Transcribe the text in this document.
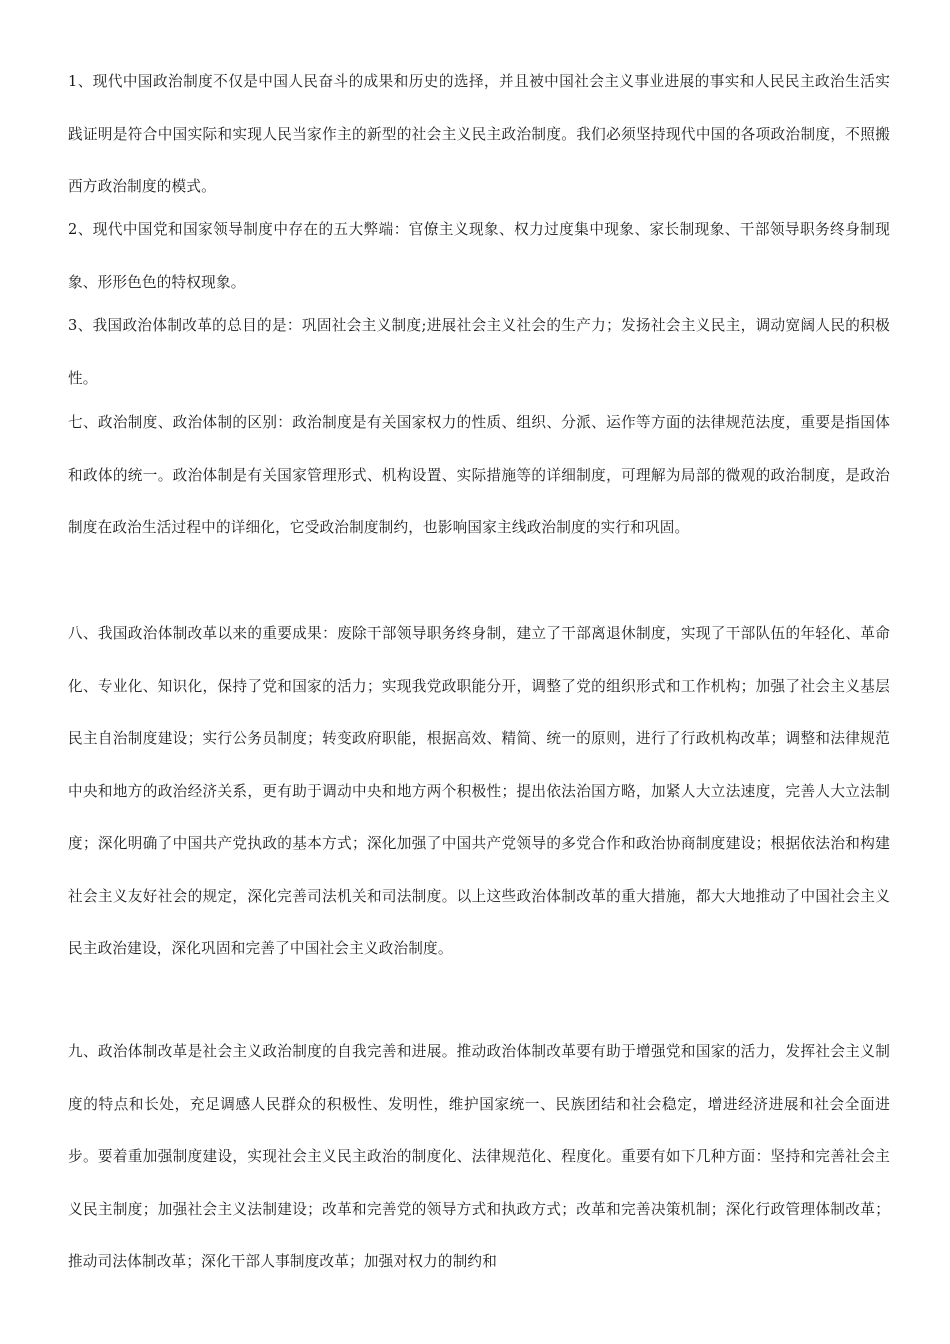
1、现代中国政治制度不仅是中国人民奋斗的成果和历史的选择，并且被中国社会主义事业进展的事实和人民民主政治生活实践证明是符合中国实际和实现人民当家作主的新型的社会主义民主政治制度。我们必须坚持现代中国的各项政治制度，不照搬西方政治制度的模式。

2、现代中国党和国家领导制度中存在的五大弊端：官僚主义现象、权力过度集中现象、家长制现象、干部领导职务终身制现象、形形色色的特权现象。

3、我国政治体制改革的总目的是：巩固社会主义制度;进展社会主义社会的生产力；发扬社会主义民主，调动宽阔人民的积极性。

七、政治制度、政治体制的区别：政治制度是有关国家权力的性质、组织、分派、运作等方面的法律规范法度，重要是指国体和政体的统一。政治体制是有关国家管理形式、机构设置、实际措施等的详细制度，可理解为局部的微观的政治制度，是政治制度在政治生活过程中的详细化，它受政治制度制约，也影响国家主线政治制度的实行和巩固。

八、我国政治体制改革以来的重要成果：废除干部领导职务终身制，建立了干部离退休制度，实现了干部队伍的年轻化、革命化、专业化、知识化，保持了党和国家的活力；实现我党政职能分开，调整了党的组织形式和工作机构；加强了社会主义基层民主自治制度建设；实行公务员制度；转变政府职能，根据高效、精简、统一的原则，进行了行政机构改革；调整和法律规范中央和地方的政治经济关系，更有助于调动中央和地方两个积极性；提出依法治国方略，加紧人大立法速度，完善人大立法制度；深化明确了中国共产党执政的基本方式；深化加强了中国共产党领导的多党合作和政治协商制度建设；根据依法治和构建社会主义友好社会的规定，深化完善司法机关和司法制度。以上这些政治体制改革的重大措施，都大大地推动了中国社会主义民主政治建设，深化巩固和完善了中国社会主义政治制度。

九、政治体制改革是社会主义政治制度的自我完善和进展。推动政治体制改革要有助于增强党和国家的活力，发挥社会主义制度的特点和长处，充足调感人民群众的积极性、发明性，维护国家统一、民族团结和社会稳定，增进经济进展和社会全面进步。要着重加强制度建设，实现社会主义民主政治的制度化、法律规范化、程度化。重要有如下几种方面：坚持和完善社会主义民主制度；加强社会主义法制建设；改革和完善党的领导方式和执政方式；改革和完善决策机制；深化行政管理体制改革；推动司法体制改革；深化干部人事制度改革；加强对权力的制约和
